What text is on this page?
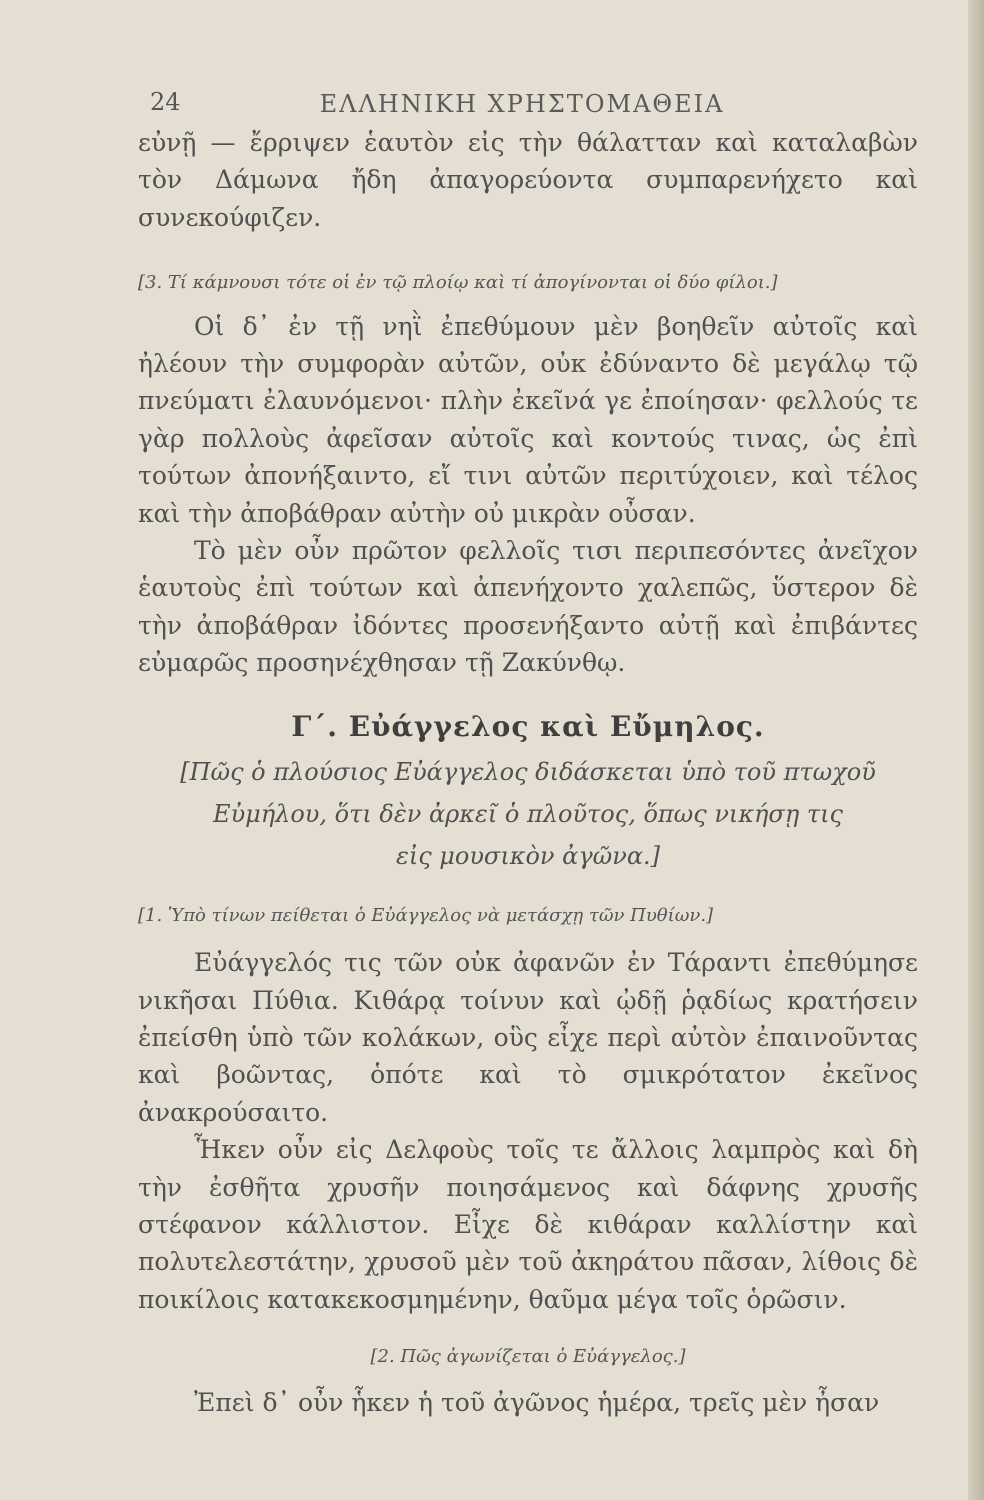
24	ΕΛΛΗΝΙΚΗ ΧΡΗΣΤΟΜΑΘΕΙΑ

εὐνῇ — ἔρριψεν ἑαυτὸν εἰς τὴν θάλατταν καὶ καταλαβὼν τὸν Δάμωνα ἤδη ἀπαγορεύοντα συμπαρενήχετο καὶ συνεκούφιζεν.

[3. Τί κάμνουσι τότε οἱ ἐν τῷ πλοίῳ καὶ τί ἀπογίνονται οἱ δύο φίλοι.]

Οἱ δ᾿ ἐν τῇ νηῒ ἐπεθύμουν μὲν βοηθεῖν αὐτοῖς καὶ ἠλέουν τὴν συμφορὰν αὐτῶν, οὐκ ἐδύναντο δὲ μεγάλῳ τῷ πνεύματι ἐλαυνόμενοι· πλὴν ἐκεῖνά γε ἐποίησαν· φελλούς τε γὰρ πολλοὺς ἀφεῖσαν αὐτοῖς καὶ κοντούς τινας, ὡς ἐπὶ τούτων ἀπονήξαιντο, εἴ τινι αὐτῶν περιτύχοιεν, καὶ τέλος καὶ τὴν ἀποβάθραν αὐτὴν οὐ μικρὰν οὖσαν.

Τὸ μὲν οὖν πρῶτον φελλοῖς τισι περιπεσόντες ἀνεῖχον ἑαυτοὺς ἐπὶ τούτων καὶ ἀπενήχοντο χαλεπῶς, ὕστερον δὲ τὴν ἀποβάθραν ἰδόντες προσενήξαντο αὐτῇ καὶ ἐπιβάντες εὐμαρῶς προσηνέχθησαν τῇ Ζακύνθῳ.

Γ΄. Εὐάγγελος καὶ Εὔμηλος.

[Πῶς ὁ πλούσιος Εὐάγγελος διδάσκεται ὑπὸ τοῦ πτωχοῦ Εὐμήλου, ὅτι δὲν ἀρκεῖ ὁ πλοῦτος, ὅπως νικήσῃ τις

εἰς μουσικὸν ἀγῶνα.]

[1. Ὑπὸ τίνων πείθεται ὁ Εὐάγγελος νὰ μετάσχῃ τῶν Πυθίων.]

Εὐάγγελός τις τῶν οὐκ ἀφανῶν ἐν Τάραντι ἐπεθύμησε νικῆσαι Πύθια. Κιθάρᾳ τοίνυν καὶ ᾠδῇ ῥᾳδίως κρατήσειν ἐπείσθη ὑπὸ τῶν κολάκων, οὓς εἶχε περὶ αὐτὸν ἐπαινοῦντας καὶ βοῶντας, ὁπότε καὶ τὸ σμικρότατον ἐκεῖνος ἀνακρούσαιτο.

Ἧκεν οὖν εἰς Δελφοὺς τοῖς τε ἄλλοις λαμπρὸς καὶ δὴ τὴν ἐσθῆτα χρυσῆν ποιησάμενος καὶ δάφνης χρυσῆς στέφανον κάλλιστον. Εἶχε δὲ κιθάραν καλλίστην καὶ πολυτελεστάτην, χρυσοῦ μὲν τοῦ ἀκηράτου πᾶσαν, λίθοις δὲ ποικίλοις κατακεκοσμημένην, θαῦμα μέγα τοῖς ὁρῶσιν.

[2. Πῶς ἀγωνίζεται ὁ Εὐάγγελος.]

Ἐπεὶ δ᾿ οὖν ἧκεν ἡ τοῦ ἀγῶνος ἡμέρα, τρεῖς μὲν ἦσαν
